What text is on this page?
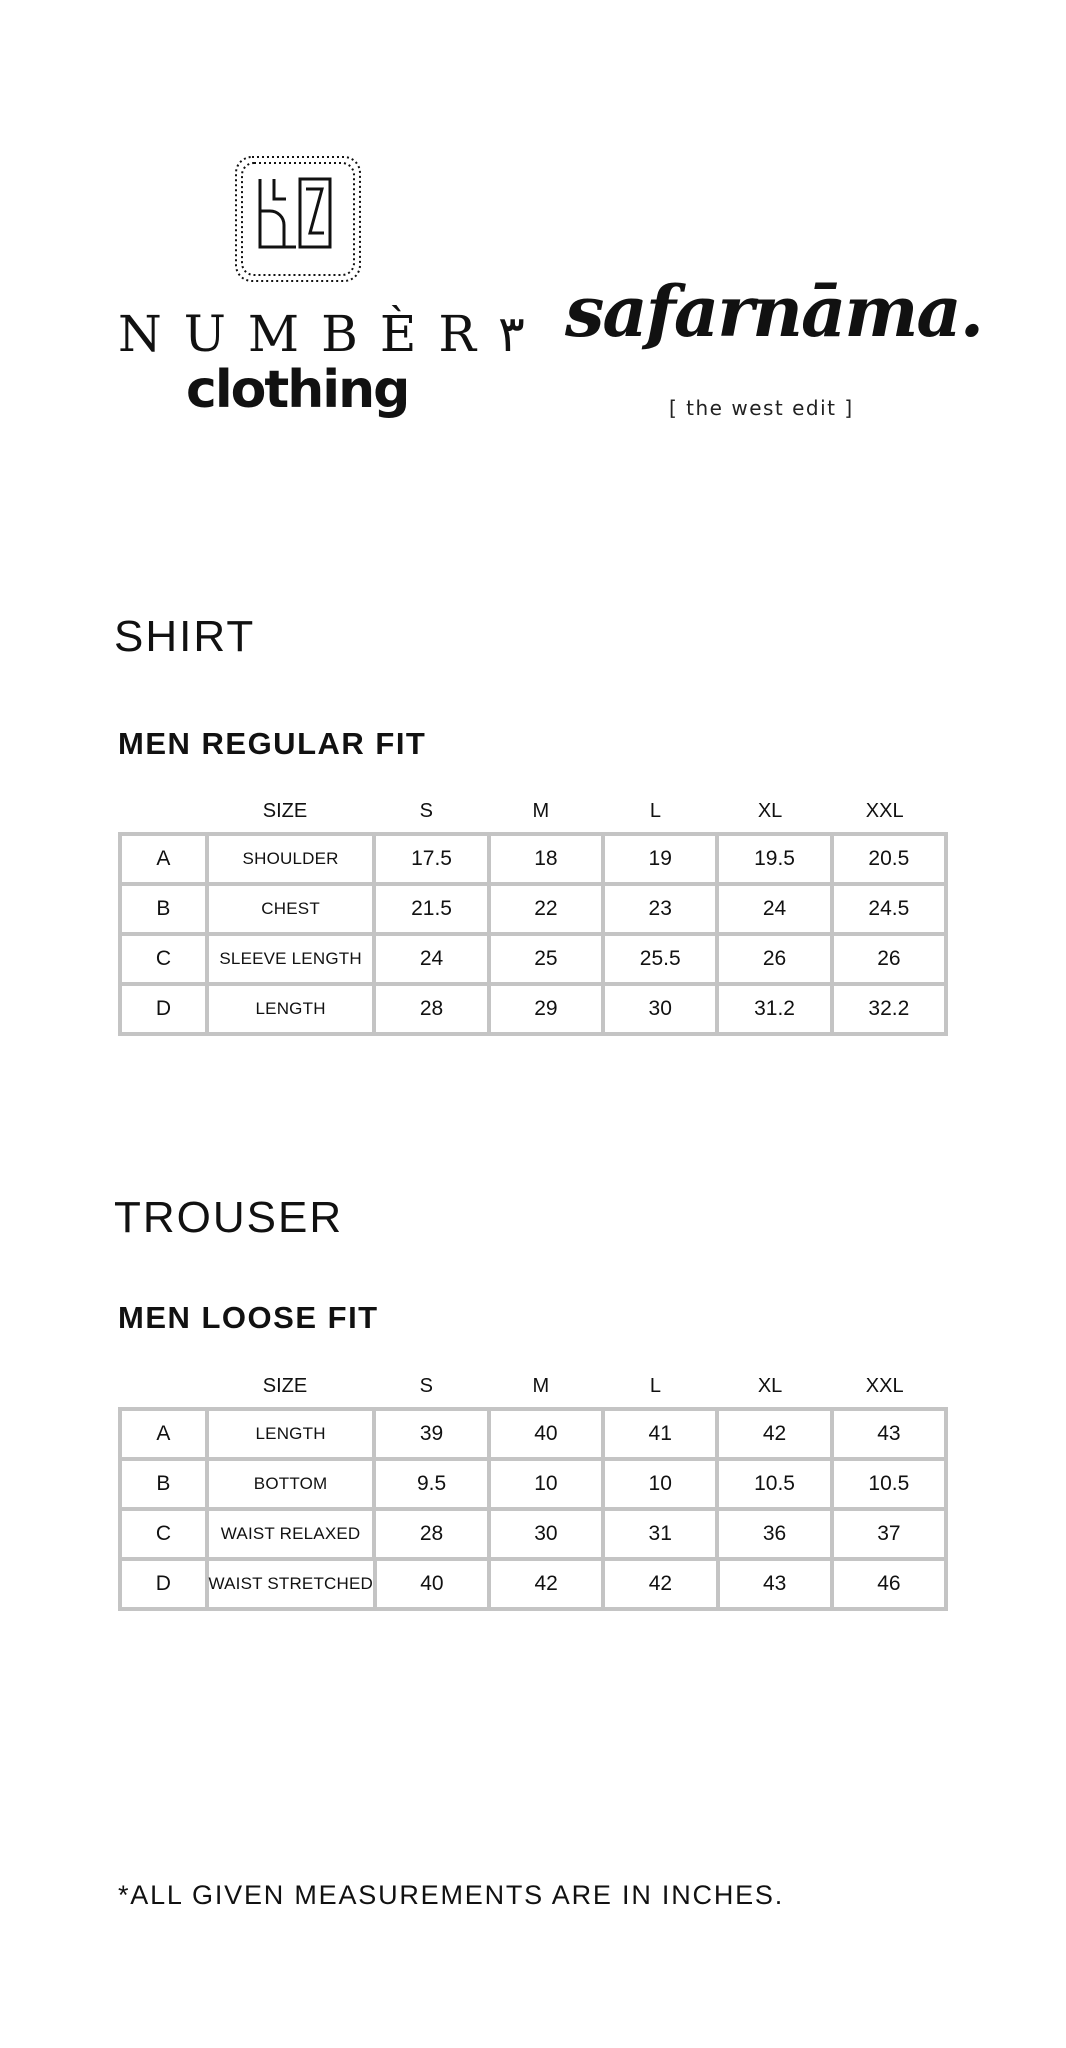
NUMBÈR٣
clothing
safarnāma.
[ the west edit ]
SHIRT
MEN REGULAR FIT
SIZE	S	M	L	XL	XXL
A	SHOULDER	17.5	18	19	19.5	20.5
B	CHEST	21.5	22	23	24	24.5
C	SLEEVE LENGTH	24	25	25.5	26	26
D	LENGTH	28	29	30	31.2	32.2
TROUSER
MEN LOOSE FIT
SIZE	S	M	L	XL	XXL
A	LENGTH	39	40	41	42	43
B	BOTTOM	9.5	10	10	10.5	10.5
C	WAIST RELAXED	28	30	31	36	37
D	WAIST STRETCHED	40	42	42	43	46

*ALL GIVEN MEASUREMENTS ARE IN INCHES.
